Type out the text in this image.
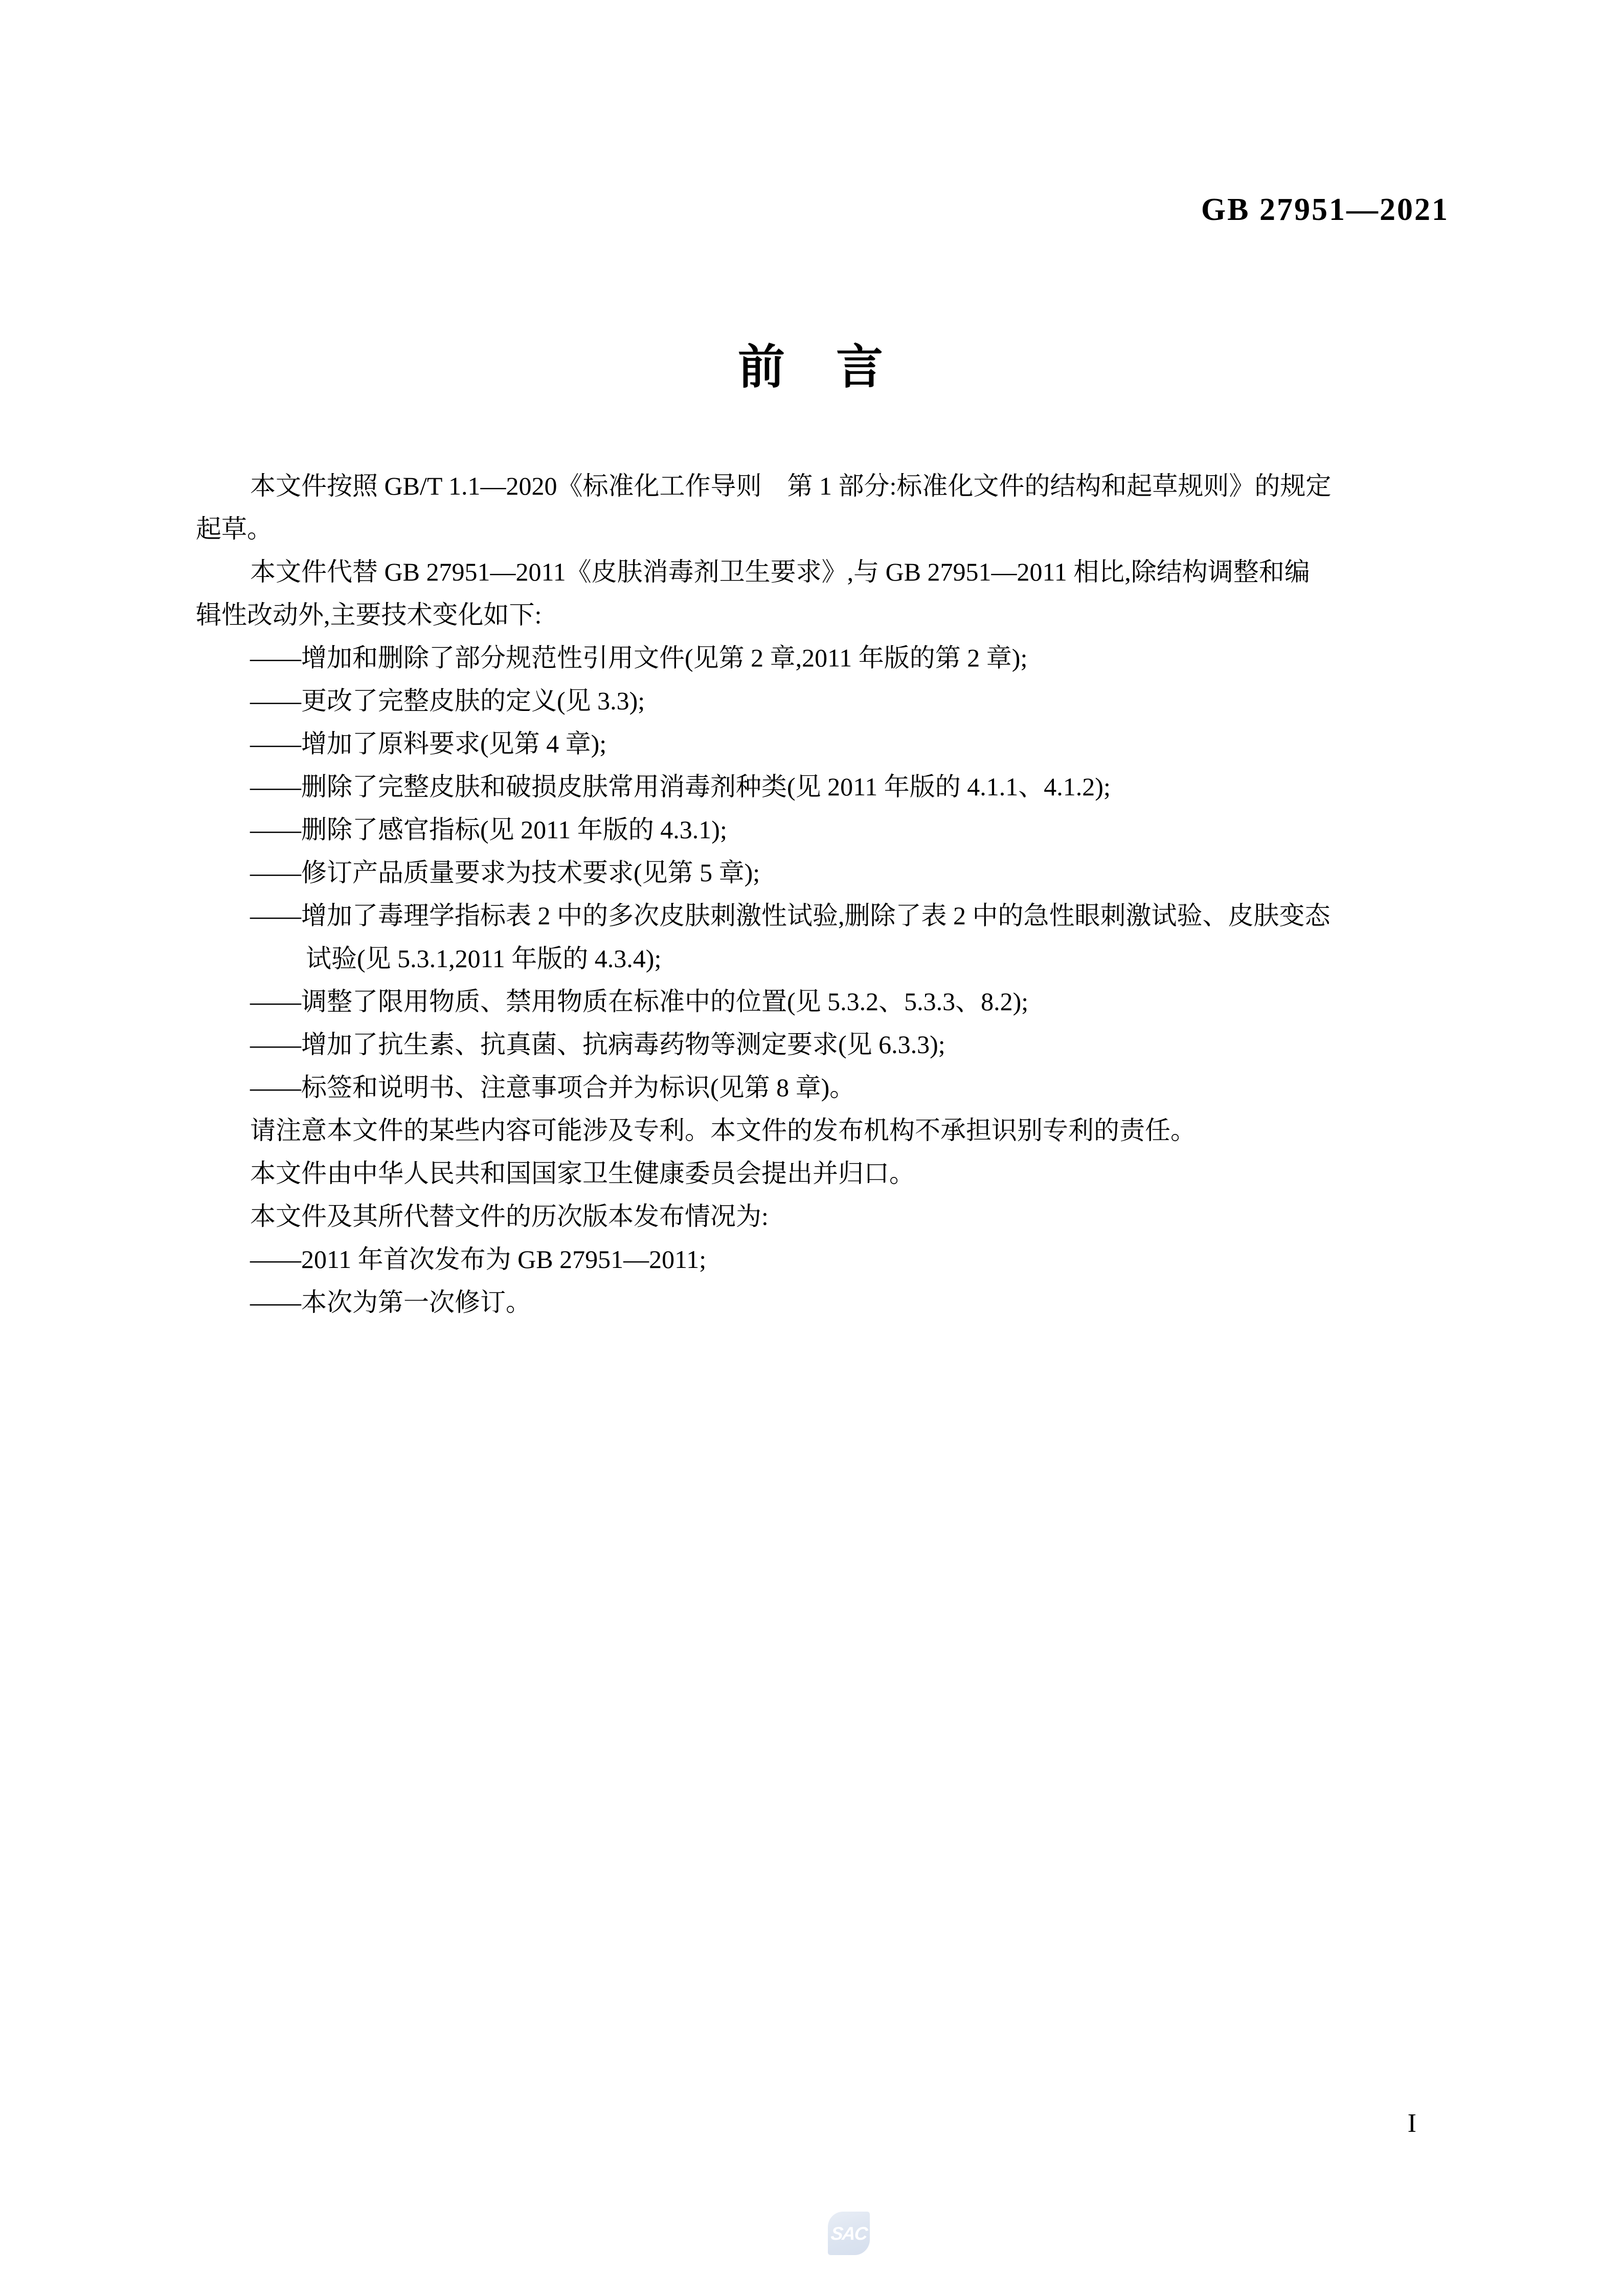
GB 27951—2021
前　言
本文件按照 GB/T 1.1—2020《标准化工作导则　第 1 部分:标准化文件的结构和起草规则》的规定
起草。
本文件代替 GB 27951—2011《皮肤消毒剂卫生要求》,与 GB 27951—2011 相比,除结构调整和编
辑性改动外,主要技术变化如下:
——增加和删除了部分规范性引用文件(见第 2 章,2011 年版的第 2 章);
——更改了完整皮肤的定义(见 3.3);
——增加了原料要求(见第 4 章);
——删除了完整皮肤和破损皮肤常用消毒剂种类(见 2011 年版的 4.1.1、4.1.2);
——删除了感官指标(见 2011 年版的 4.3.1);
——修订产品质量要求为技术要求(见第 5 章);
——增加了毒理学指标表 2 中的多次皮肤刺激性试验,删除了表 2 中的急性眼刺激试验、皮肤变态
试验(见 5.3.1,2011 年版的 4.3.4);
——调整了限用物质、禁用物质在标准中的位置(见 5.3.2、5.3.3、8.2);
——增加了抗生素、抗真菌、抗病毒药物等测定要求(见 6.3.3);
——标签和说明书、注意事项合并为标识(见第 8 章)。
请注意本文件的某些内容可能涉及专利。本文件的发布机构不承担识别专利的责任。
本文件由中华人民共和国国家卫生健康委员会提出并归口。
本文件及其所代替文件的历次版本发布情况为:
——2011 年首次发布为 GB 27951—2011;
——本次为第一次修订。
SAC
I
